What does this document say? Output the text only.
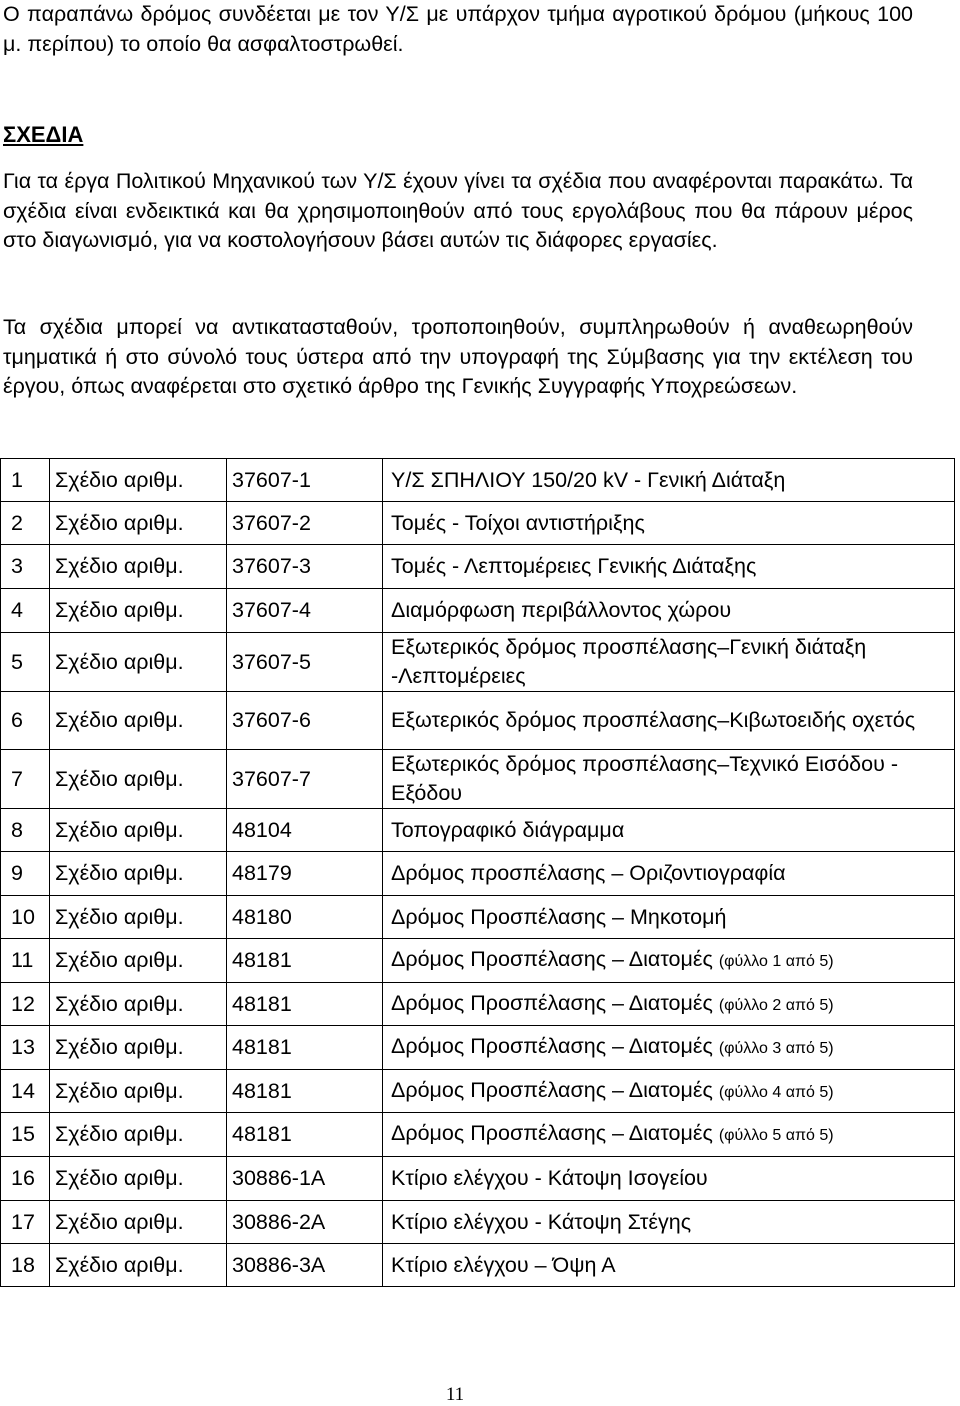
Ο παραπάνω δρόμος συνδέεται με τον Υ/Σ με υπάρχον τμήμα αγροτικού δρόμου (μήκους 100 μ. περίπου) το οποίο θα ασφαλτοστρωθεί.
ΣΧΕΔΙΑ
Για τα έργα Πολιτικού Μηχανικού των Υ/Σ έχουν γίνει τα σχέδια που αναφέρονται παρακάτω. Τα σχέδια είναι ενδεικτικά και θα χρησιμοποιηθούν από τους εργολάβους που θα πάρουν μέρος στο διαγωνισμό, για να κοστολογήσουν βάσει αυτών τις διάφορες εργασίες.
Τα σχέδια μπορεί να αντικατασταθούν, τροποποιηθούν, συμπληρωθούν ή αναθεωρηθούν τμηματικά ή στο σύνολό τους ύστερα από την υπογραφή της Σύμβασης για την εκτέλεση του έργου, όπως αναφέρεται στο σχετικό άρθρο της Γενικής Συγγραφής Υποχρεώσεων.
1	Σχέδιο αριθμ.	37607-1	Υ/Σ ΣΠΗΛΙΟΥ 150/20 kV - Γενική Διάταξη
2	Σχέδιο αριθμ.	37607-2	Τομές - Τοίχοι αντιστήριξης
3	Σχέδιο αριθμ.	37607-3	Τομές - Λεπτομέρειες Γενικής Διάταξης
4	Σχέδιο αριθμ.	37607-4	Διαμόρφωση περιβάλλοντος χώρου
5	Σχέδιο αριθμ.	37607-5	Εξωτερικός δρόμος προσπέλασης–Γενική διάταξη -Λεπτομέρειες
6	Σχέδιο αριθμ.	37607-6	Εξωτερικός δρόμος προσπέλασης–Κιβωτοειδής οχετός
7	Σχέδιο αριθμ.	37607-7	Εξωτερικός δρόμος προσπέλασης–Τεχνικό Εισόδου - Εξόδου
8	Σχέδιο αριθμ.	48104	Τοπογραφικό διάγραμμα
9	Σχέδιο αριθμ.	48179	Δρόμος προσπέλασης – Οριζοντιογραφία
10	Σχέδιο αριθμ.	48180	Δρόμος Προσπέλασης – Μηκοτομή
11	Σχέδιο αριθμ.	48181	Δρόμος Προσπέλασης – Διατομές (φύλλο 1 από 5)
12	Σχέδιο αριθμ.	48181	Δρόμος Προσπέλασης – Διατομές (φύλλο 2 από 5)
13	Σχέδιο αριθμ.	48181	Δρόμος Προσπέλασης – Διατομές (φύλλο 3 από 5)
14	Σχέδιο αριθμ.	48181	Δρόμος Προσπέλασης – Διατομές (φύλλο 4 από 5)
15	Σχέδιο αριθμ.	48181	Δρόμος Προσπέλασης – Διατομές (φύλλο 5 από 5)
16	Σχέδιο αριθμ.	30886-1Α	Κτίριο ελέγχου - Κάτοψη Ισογείου
17	Σχέδιο αριθμ.	30886-2Α	Κτίριο ελέγχου - Κάτοψη Στέγης
18	Σχέδιο αριθμ.	30886-3Α	Κτίριο ελέγχου – Όψη Α
11
